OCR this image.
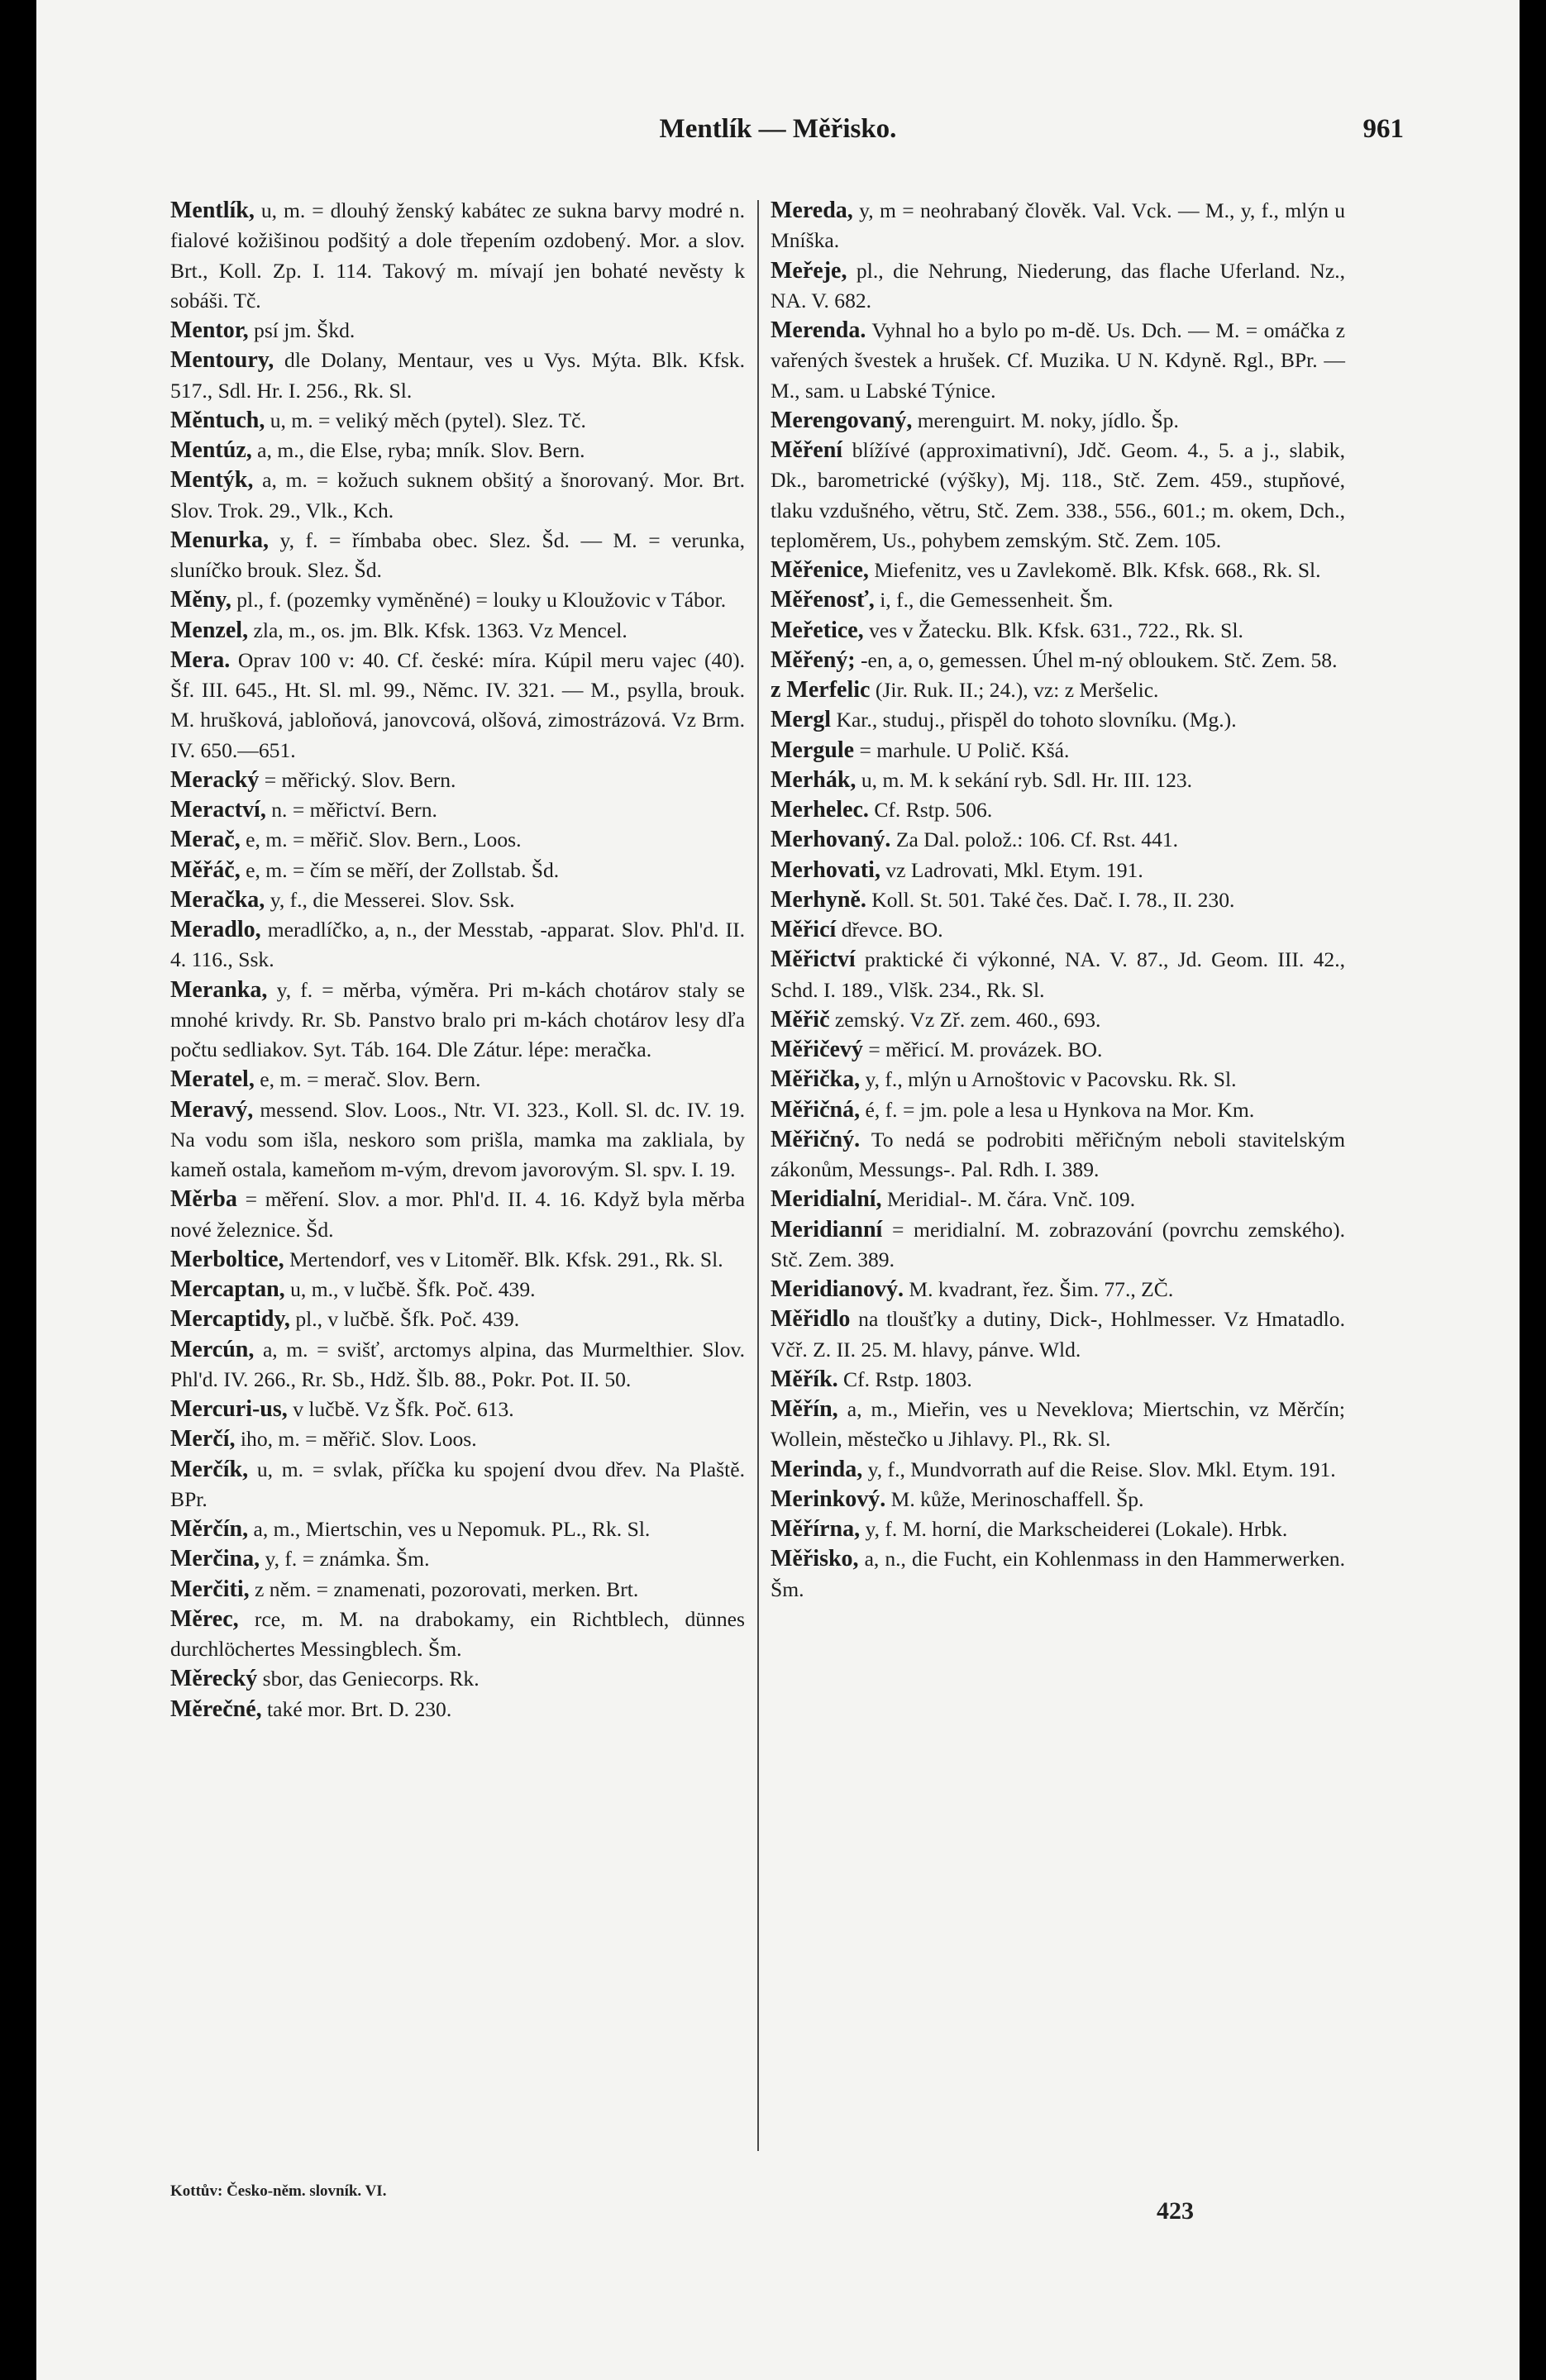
Mentlík — Měřisko.	961

Mentlík, u, m. = dlouhý ženský kabátec ze sukna barvy modré n. fialové kožišinou podšitý a dole třepením ozdobený. Mor. a slov. Brt., Koll. Zp. I. 114. Takový m. mívají jen bohaté nevěsty k sobáši. Tč.

Mentor, psí jm. Škd.

Mentoury, dle Dolany, Mentaur, ves u Vys. Mýta. Blk. Kfsk. 517., Sdl. Hr. I. 256., Rk. Sl.

Měntuch, u, m. = veliký měch (pytel). Slez. Tč.

Mentúz, a, m., die Else, ryba; mník. Slov. Bern.

Mentýk, a, m. = kožuch suknem obšitý a šnorovaný. Mor. Brt. Slov. Trok. 29., Vlk., Kch.

Menurka, y, f. = římbaba obec. Slez. Šd. — M. = verunka, sluníčko brouk. Slez. Šd.

Měny, pl., f. (pozemky vyměněné) = louky u Kloužovic v Tábor.

Menzel, zla, m., os. jm. Blk. Kfsk. 1363. Vz Mencel.

Mera. Oprav 100 v: 40. Cf. české: míra. Kúpil meru vajec (40). Šf. III. 645., Ht. Sl. ml. 99., Němc. IV. 321. — M., psylla, brouk. M. hrušková, jabloňová, janovcová, olšová, zimostrázová. Vz Brm. IV. 650.—651.

Meracký = měřický. Slov. Bern.

Meractví, n. = měřictví. Bern.

Merač, e, m. = měřič. Slov. Bern., Loos.

Měřáč, e, m. = čím se měří, der Zollstab. Šd.

Meračka, y, f., die Messerei. Slov. Ssk.

Meradlo, meradlíčko, a, n., der Messtab, -apparat. Slov. Phl'd. II. 4. 116., Ssk.

Meranka, y, f. = měrba, výměra. Pri m-kách chotárov staly se mnohé krivdy. Rr. Sb. Panstvo bralo pri m-kách chotárov lesy dľa počtu sedliakov. Syt. Táb. 164. Dle Zátur. lépe: meračka.

Meratel, e, m. = merač. Slov. Bern.

Meravý, messend. Slov. Loos., Ntr. VI. 323., Koll. Sl. dc. IV. 19. Na vodu som išla, neskoro som prišla, mamka ma zakliala, by kameň ostala, kameňom m-vým, drevom javorovým. Sl. spv. I. 19.

Měrba = měření. Slov. a mor. Phl'd. II. 4. 16. Když byla měrba nové železnice. Šd.

Merboltice, Mertendorf, ves v Litoměř. Blk. Kfsk. 291., Rk. Sl.

Mercaptan, u, m., v lučbě. Šfk. Poč. 439.

Mercaptidy, pl., v lučbě. Šfk. Poč. 439.

Mercún, a, m. = svišť, arctomys alpina, das Murmelthier. Slov. Phl'd. IV. 266., Rr. Sb., Hdž. Šlb. 88., Pokr. Pot. II. 50.

Mercuri-us, v lučbě. Vz Šfk. Poč. 613.

Merčí, iho, m. = měřič. Slov. Loos.

Merčík, u, m. = svlak, příčka ku spojení dvou dřev. Na Plaště. BPr.

Měrčín, a, m., Miertschin, ves u Nepomuk. PL., Rk. Sl.

Merčina, y, f. = známka. Šm.

Merčiti, z něm. = znamenati, pozorovati, merken. Brt.

Měrec, rce, m. M. na drabokamy, ein Richtblech, dünnes durchlöchertes Messingblech. Šm.

Měrecký sbor, das Geniecorps. Rk.

Měrečné, také mor. Brt. D. 230.

Mereda, y, m = neohrabaný člověk. Val. Vck. — M., y, f., mlýn u Mníška.

Meřeje, pl., die Nehrung, Niederung, das flache Uferland. Nz., NA. V. 682.

Merenda. Vyhnal ho a bylo po m-dě. Us. Dch. — M. = omáčka z vařených švestek a hrušek. Cf. Muzika. U N. Kdyně. Rgl., BPr. — M., sam. u Labské Týnice.

Merengovaný, merenguirt. M. noky, jídlo. Šp.

Měření blížívé (approximativní), Jdč. Geom. 4., 5. a j., slabik, Dk., barometrické (výšky), Mj. 118., Stč. Zem. 459., stupňové, tlaku vzdušného, větru, Stč. Zem. 338., 556., 601.; m. okem, Dch., teploměrem, Us., pohybem zemským. Stč. Zem. 105.

Měřenice, Miefenitz, ves u Zavlekomě. Blk. Kfsk. 668., Rk. Sl.

Měřenosť, i, f., die Gemessenheit. Šm.

Meřetice, ves v Žatecku. Blk. Kfsk. 631., 722., Rk. Sl.

Měřený; -en, a, o, gemessen. Úhel m-ný obloukem. Stč. Zem. 58.

z Merfelic (Jir. Ruk. II.; 24.), vz: z Meršelic.

Mergl Kar., studuj., přispěl do tohoto slovníku. (Mg.).

Mergule = marhule. U Polič. Kšá.

Merhák, u, m. M. k sekání ryb. Sdl. Hr. III. 123.

Merhelec. Cf. Rstp. 506.

Merhovaný. Za Dal. polož.: 106. Cf. Rst. 441.

Merhovati, vz Ladrovati, Mkl. Etym. 191.

Merhyně. Koll. St. 501. Také čes. Dač. I. 78., II. 230.

Měřicí dřevce. BO.

Měřictví praktické či výkonné, NA. V. 87., Jd. Geom. III. 42., Schd. I. 189., Vlšk. 234., Rk. Sl.

Měřič zemský. Vz Zř. zem. 460., 693.

Měřičevý = měřicí. M. provázek. BO.

Měřička, y, f., mlýn u Arnoštovic v Pacovsku. Rk. Sl.

Měřičná, é, f. = jm. pole a lesa u Hynkova na Mor. Km.

Měřičný. To nedá se podrobiti měřičným neboli stavitelským zákonům, Messungs-. Pal. Rdh. I. 389.

Meridialní, Meridial-. M. čára. Vnč. 109.

Meridianní = meridialní. M. zobrazování (povrchu zemského). Stč. Zem. 389.

Meridianový. M. kvadrant, řez. Šim. 77., ZČ.

Měřidlo na tloušťky a dutiny, Dick-, Hohlmesser. Vz Hmatadlo. Včř. Z. II. 25. M. hlavy, pánve. Wld.

Měřík. Cf. Rstp. 1803.

Měřín, a, m., Mieřin, ves u Neveklova; Miertschin, vz Měrčín; Wollein, městečko u Jihlavy. Pl., Rk. Sl.

Merinda, y, f., Mundvorrath auf die Reise. Slov. Mkl. Etym. 191.

Merinkový. M. kůže, Merinoschaffell. Šp.

Měřírna, y, f. M. horní, die Markscheiderei (Lokale). Hrbk.

Měřisko, a, n., die Fucht, ein Kohlenmass in den Hammerwerken. Šm.

Kottův: Česko-něm. slovník. VI.
423
